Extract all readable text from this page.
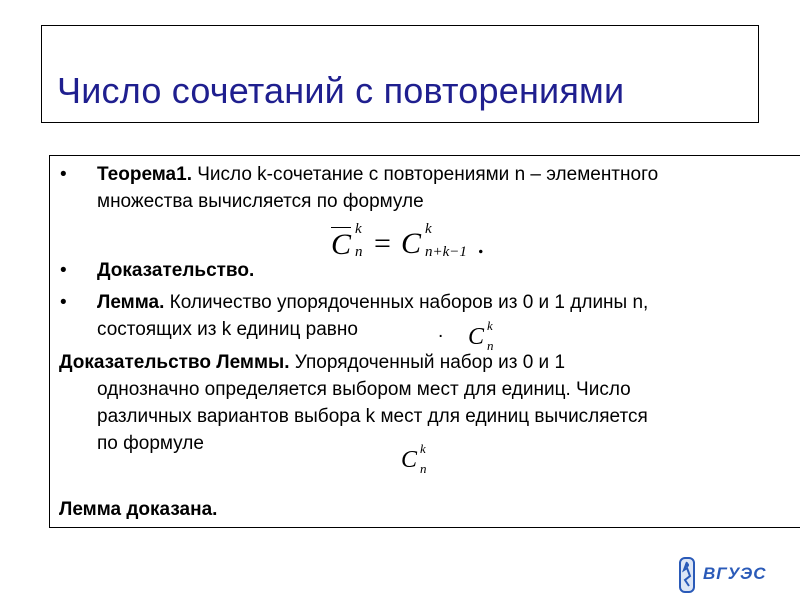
Число сочетаний с повторениями
• Теорема1. Число k-сочетание с повторениями n – элементного
множества вычисляется по формуле
C k
n = C k
n+k−1 .
• Доказательство.
• Лемма. Количество упорядоченных наборов из 0 и 1 длины n,
состоящих из k единиц равно	. C k
n
Доказательство Леммы. Упорядоченный набор из 0 и 1
однозначно определяется выбором мест для единиц. Число
различных вариантов выбора k мест для единиц вычисляется
по формуле
C k
n
Лемма доказана.
ВГУЭС
